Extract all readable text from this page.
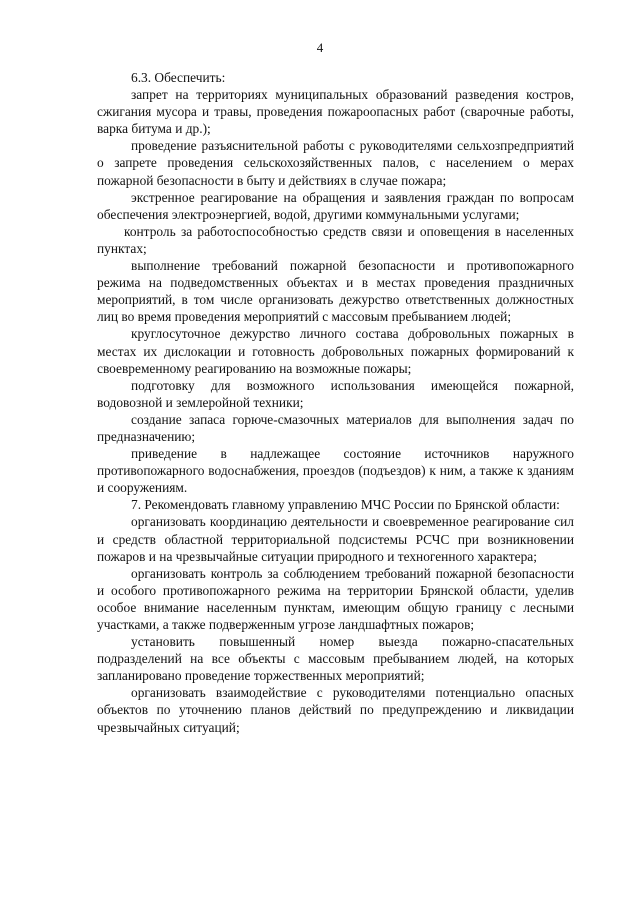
4

6.3. Обеспечить:

запрет на территориях муниципальных образований разведения костров, сжигания мусора и травы, проведения пожароопасных работ (сварочные работы, варка битума и др.);

проведение разъяснительной работы с руководителями сельхозпредприятий о запрете проведения сельскохозяйственных палов, с населением о мерах пожарной безопасности в быту и действиях в случае пожара;

экстренное реагирование на обращения и заявления граждан по вопросам обеспечения электроэнергией, водой, другими коммунальными услугами;

контроль за работоспособностью средств связи и оповещения в населенных пунктах;

выполнение требований пожарной безопасности и противопожарного режима на подведомственных объектах и в местах проведения праздничных мероприятий, в том числе организовать дежурство ответственных должностных лиц во время проведения мероприятий с массовым пребыванием людей;

круглосуточное дежурство личного состава добровольных пожарных в местах их дислокации и готовность добровольных пожарных формирований к своевременному реагированию на возможные пожары;

подготовку для возможного использования имеющейся пожарной, водовозной и землеройной техники;

создание запаса горюче-смазочных материалов для выполнения задач по предназначению;

приведение в надлежащее состояние источников наружного противопожарного водоснабжения, проездов (подъездов) к ним, а также к зданиям и сооружениям.

7. Рекомендовать главному управлению МЧС России по Брянской области:

организовать координацию деятельности и своевременное реагирование сил и средств областной территориальной подсистемы РСЧС при возникновении пожаров и на чрезвычайные ситуации природного и техногенного характера;

организовать контроль за соблюдением требований пожарной безопасности и особого противопожарного режима на территории Брянской области, уделив особое внимание населенным пунктам, имеющим общую границу с лесными участками, а также подверженным угрозе ландшафтных пожаров;

установить повышенный номер выезда пожарно-спасательных подразделений на все объекты с массовым пребыванием людей, на которых запланировано проведение торжественных мероприятий;

организовать взаимодействие с руководителями потенциально опасных объектов по уточнению планов действий по предупреждению и ликвидации чрезвычайных ситуаций;
